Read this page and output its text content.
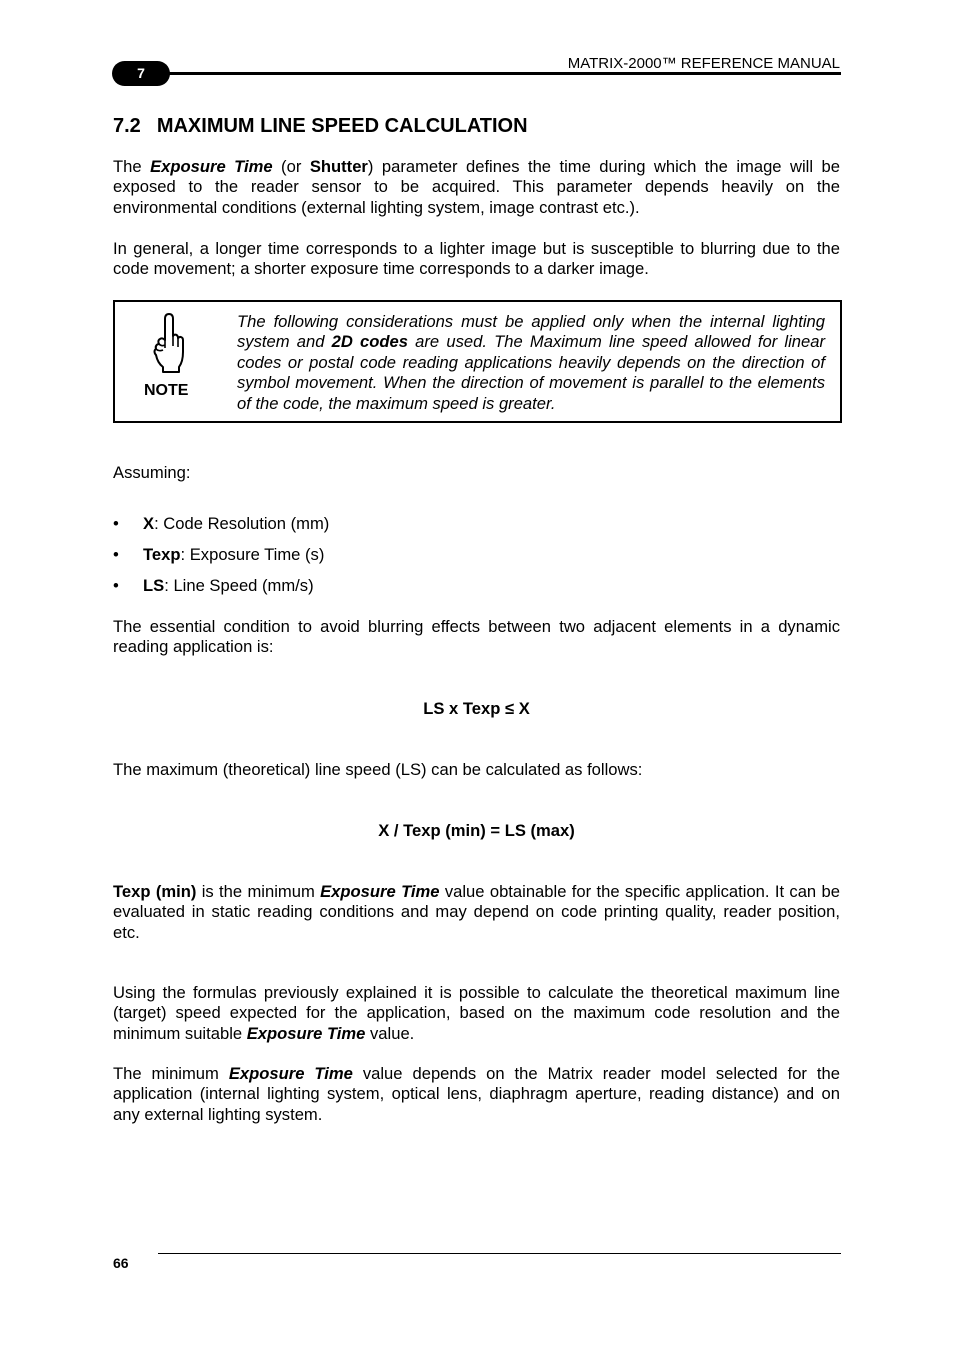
7
MATRIX-2000™ REFERENCE MANUAL
7.2 MAXIMUM LINE SPEED CALCULATION

The Exposure Time (or Shutter) parameter defines the time during which the image will be exposed to the reader sensor to be acquired. This parameter depends heavily on the environmental conditions (external lighting system, image contrast etc.).

In general, a longer time corresponds to a lighter image but is susceptible to blurring due to the code movement; a shorter exposure time corresponds to a darker image.

NOTE

The following considerations must be applied only when the internal lighting system and 2D codes are used. The Maximum line speed allowed for linear codes or postal code reading applications heavily depends on the direction of symbol movement. When the direction of movement is parallel to the elements of the code, the maximum speed is greater.

Assuming:

• X: Code Resolution (mm)
• Texp: Exposure Time (s)
• LS: Line Speed (mm/s)

The essential condition to avoid blurring effects between two adjacent elements in a dynamic reading application is:

LS x Texp ≤ X

The maximum (theoretical) line speed (LS) can be calculated as follows:

X / Texp (min) = LS (max)

Texp (min) is the minimum Exposure Time value obtainable for the specific application. It can be evaluated in static reading conditions and may depend on code printing quality, reader position, etc.

Using the formulas previously explained it is possible to calculate the theoretical maximum line (target) speed expected for the application, based on the maximum code resolution and the minimum suitable Exposure Time value.

The minimum Exposure Time value depends on the Matrix reader model selected for the application (internal lighting system, optical lens, diaphragm aperture, reading distance) and on any external lighting system.

66
